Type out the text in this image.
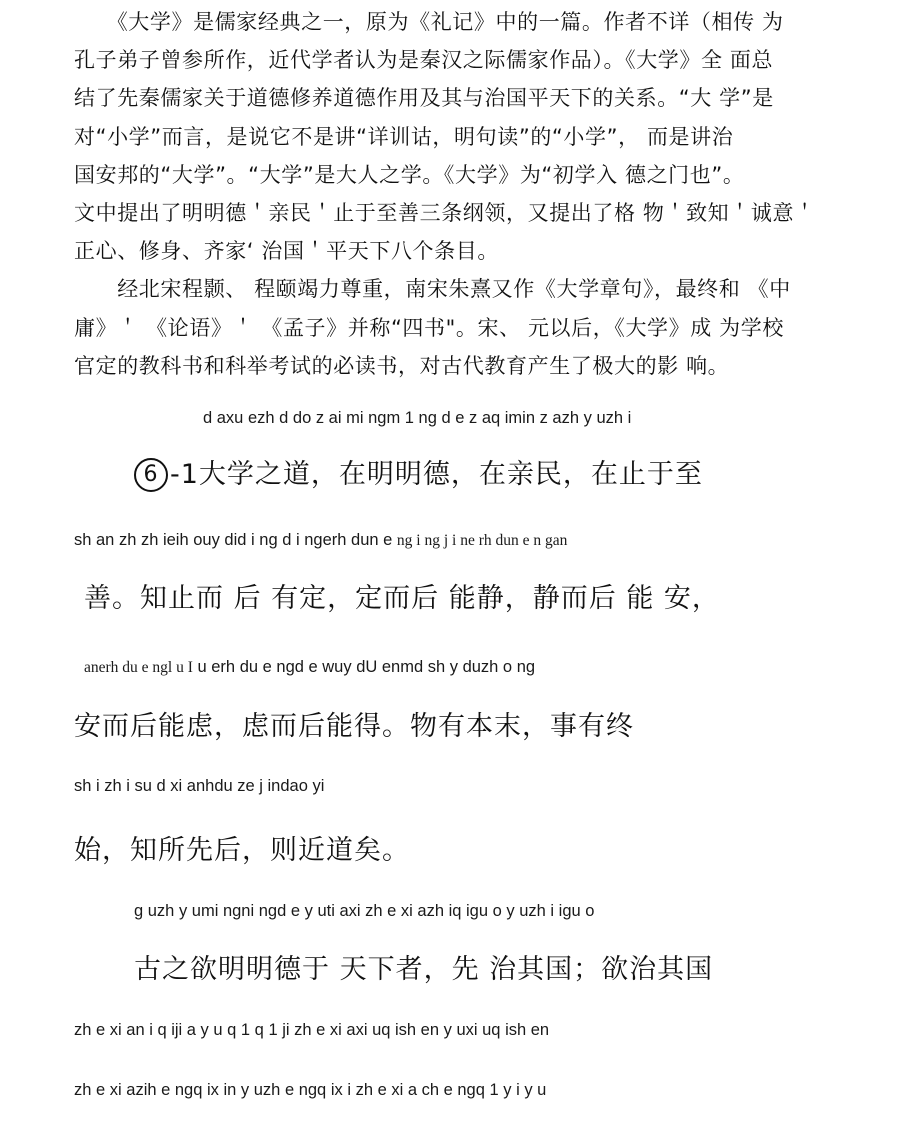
　　《大学》是儒家经典之一，原为《礼记》中的一篇。作者不详（相传 为
孔子弟子曾参所作，近代学者认为是秦汉之际儒家作品）。《大学》全 面总
结了先秦儒家关于道德修养道德作用及其与治国平天下的关系。“大 学”是
对“小学”而言，是说它不是讲“详训诂，明句读”的“小学”， 而是讲治
国安邦的“大学”。“大学”是大人之学。《大学》为“初学入 德之门也”。
文中提出了明明德＇亲民＇止于至善三条纲领，又提出了格 物＇致知＇诚意＇
正心、修身、齐家‘ 治国＇平天下八个条目。
　　经北宋程颢、 程颐竭力尊重，南宋朱熹又作《大学章句》，最终和 《中
庸》＇ 《论语》＇ 《孟子》并称“四书"。宋、 元以后，《大学》成 为学校
官定的教科书和科举考试的必读书，对古代教育产生了极大的影 响。
d axu ezh d do z ai mi ngm 1 ng d e z aq imin z azh y uzh i
6 -1大学之道，在明明德，在亲民，在止于至
sh an zh zh ieih ouy did i ng d i ngerh dun e ng i ng j i ne rh dun e n gan
善。知止而 后 有定，定而后 能静，静而后 能 安，
anerh du e ngl u I u erh du e ngd e wuy dU enmd sh y duzh o ng
安而后能虑，虑而后能得。物有本末，事有终
sh i zh i su d xi anhdu ze j indao yi
始，知所先后，则近道矣。
g uzh y umi ngni ngd e y uti axi zh e xi azh iq igu o y uzh i igu o
古之欲明明德于 天下者，先 治其国；欲治其国
zh e xi an i q iji a y u q 1 q 1 ji zh e xi axi uq ish en y uxi uq ish en
zh e xi azih e ngq ix in y uzh e ngq ix i zh e xi a ch e ngq 1 y i y u
